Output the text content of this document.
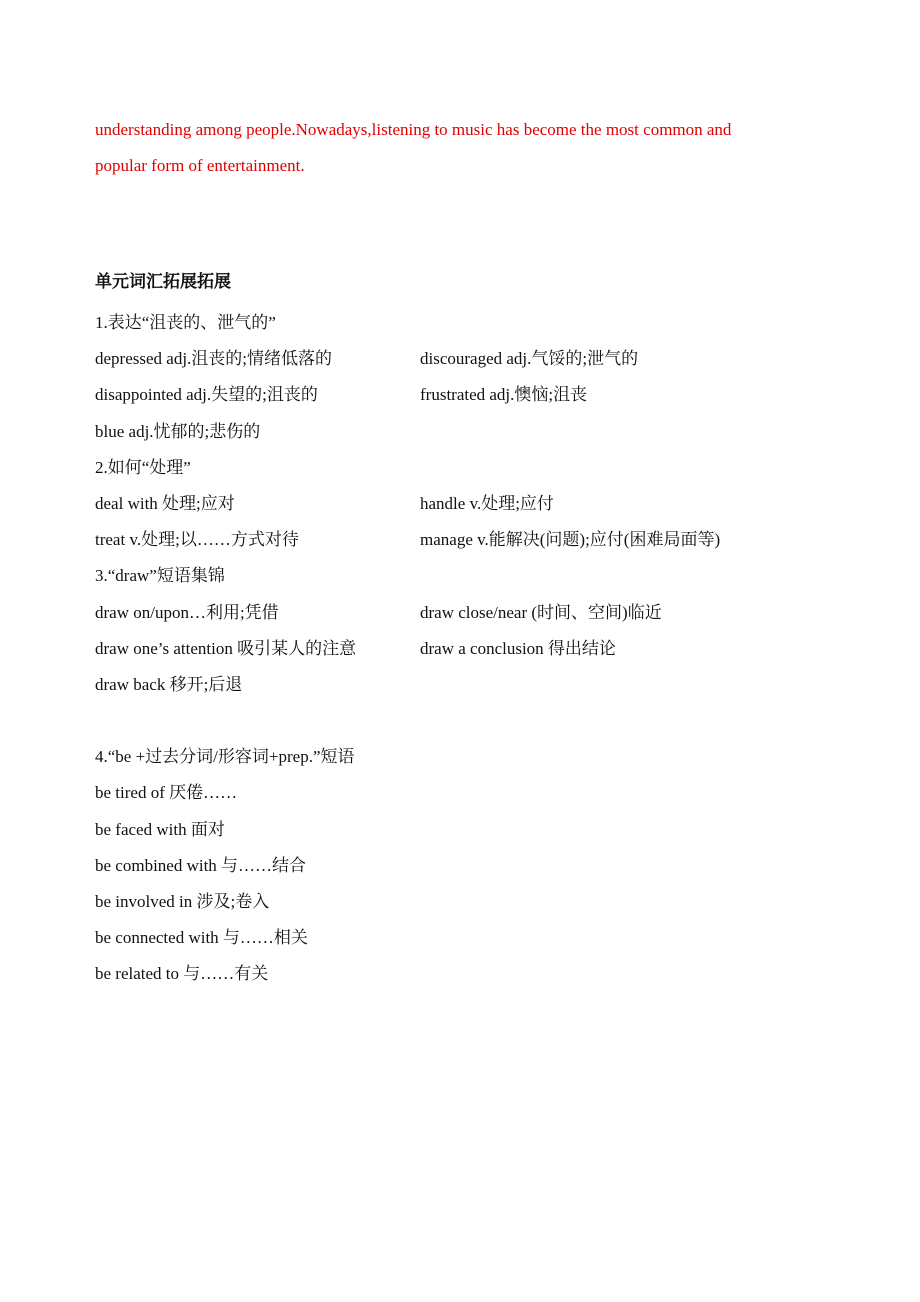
understanding among people.Nowadays,listening to music has become the most common and
popular form of entertainment.
单元词汇拓展拓展
1.表达“沮丧的、泄气的”
depressed adj.沮丧的;情绪低落的	discouraged adj.气馁的;泄气的
disappointed adj.失望的;沮丧的	frustrated adj.懊恼;沮丧
blue adj.忧郁的;悲伤的
2.如何“处理”
deal with 处理;应对	handle v.处理;应付
treat v.处理;以……方式对待	manage v.能解决(问题);应付(困难局面等)
3.“draw”短语集锦
draw on/upon…利用;凭借	draw close/near (时间、空间)临近
draw one’s attention 吸引某人的注意	draw a conclusion 得出结论
draw back 移开;后退
4.“be +过去分词/形容词+prep.”短语
be tired of 厌倦……
be faced with 面对
be combined with 与……结合
be involved in 涉及;卷入
be connected with 与……相关
be related to 与……有关
